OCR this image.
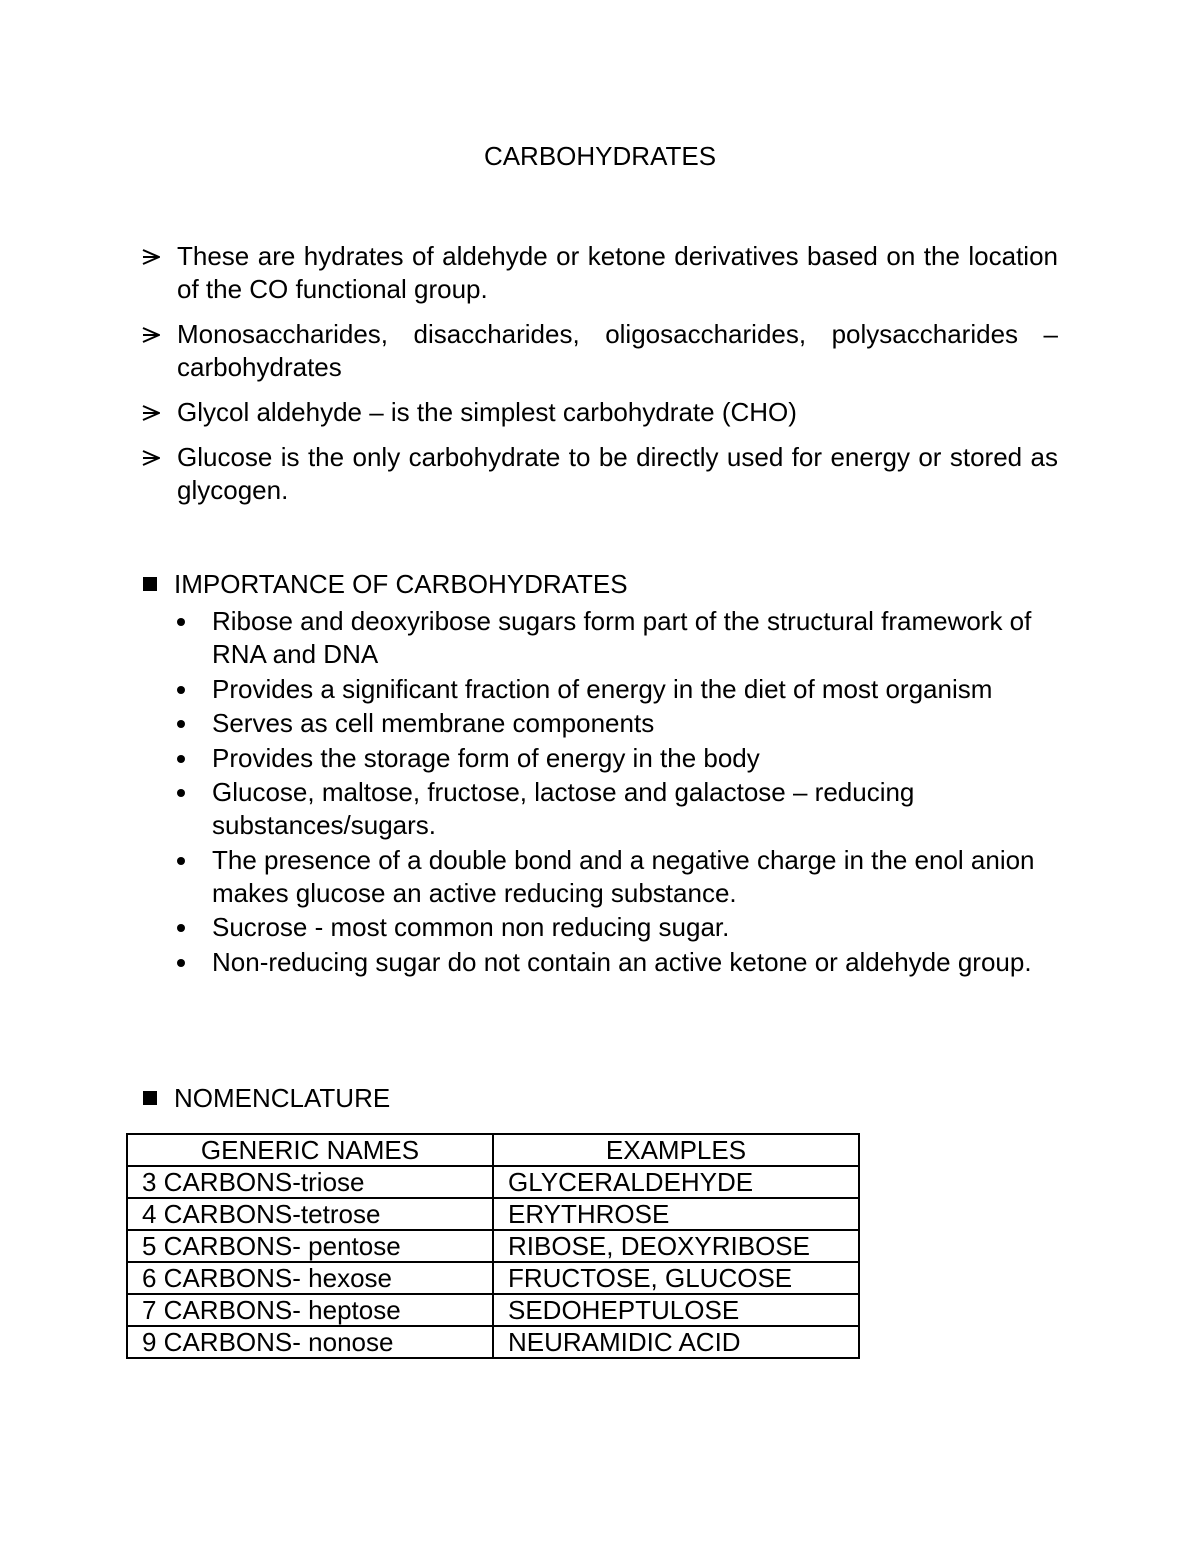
CARBOHYDRATES
These are hydrates of aldehyde or ketone derivatives based on the location of the CO functional group.
Monosaccharides, disaccharides, oligosaccharides, polysaccharides – carbohydrates
Glycol aldehyde – is the simplest carbohydrate (CHO)
Glucose is the only carbohydrate to be directly used for energy or stored as glycogen.
IMPORTANCE OF CARBOHYDRATES
Ribose and deoxyribose sugars form part of the structural framework of RNA and DNA
Provides a significant fraction of energy in the diet of most organism
Serves as cell membrane components
Provides the storage form of energy in the body
Glucose, maltose, fructose, lactose and galactose – reducing substances/sugars.
The presence of a double bond and a negative charge in the enol anion makes glucose an active reducing substance.
Sucrose - most common non reducing sugar.
Non-reducing sugar do not contain an active ketone or aldehyde group.
NOMENCLATURE
GENERIC NAMES	EXAMPLES
3 CARBONS-triose	GLYCERALDEHYDE
4 CARBONS-tetrose	ERYTHROSE
5 CARBONS- pentose	RIBOSE, DEOXYRIBOSE
6 CARBONS- hexose	FRUCTOSE, GLUCOSE
7 CARBONS- heptose	SEDOHEPTULOSE
9 CARBONS- nonose	NEURAMIDIC ACID
